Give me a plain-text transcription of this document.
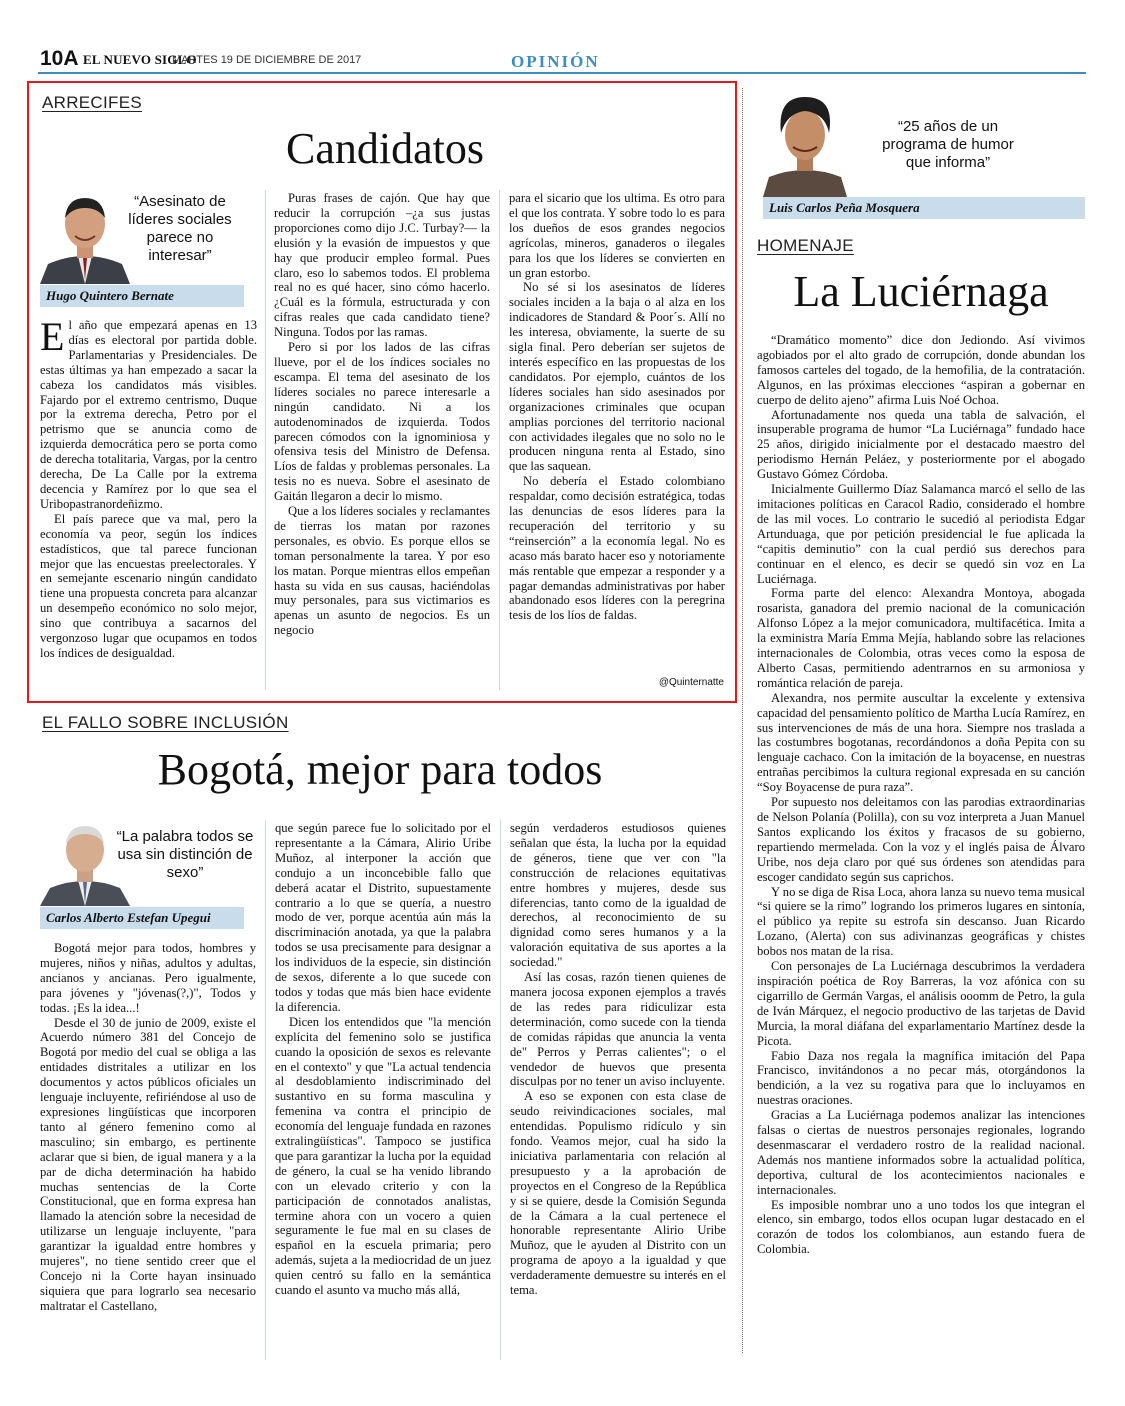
10A EL NUEVO SIGLO
MARTES 19 DE DICIEMBRE DE 2017	OPINIÓN
ARRECIFES
Candidatos
“Asesinato de líderes sociales parece no interesar”
Hugo Quintero Bernate

El año que empezará apenas en 13 días es electoral por partida doble. Parlamentarias y Presidenciales. De estas últimas ya han empezado a sacar la cabeza los candidatos más visibles. Fajardo por el extremo centrismo, Duque por la extrema derecha, Petro por el petrismo que se anuncia como de izquierda democrática pero se porta como de derecha totalitaria, Vargas, por la centro derecha, De La Calle por la extrema decencia y Ramírez por lo que sea el Uribopastranordeñizmo.

El país parece que va mal, pero la economía va peor, según los índices estadísticos, que tal parece funcionan mejor que las encuestas preelectorales. Y en semejante escenario ningún candidato tiene una propuesta concreta para alcanzar un desempeño económico no solo mejor, sino que contribuya a sacarnos del vergonzoso lugar que ocupamos en todos los índices de desigualdad.

Puras frases de cajón. Que hay que reducir la corrupción –¿a sus justas proporciones como dijo J.C. Turbay?— la elusión y la evasión de impuestos y que hay que producir empleo formal. Pues claro, eso lo sabemos todos. El problema real no es qué hacer, sino cómo hacerlo. ¿Cuál es la fórmula, estructurada y con cifras reales que cada candidato tiene? Ninguna. Todos por las ramas.

Pero si por los lados de las cifras llueve, por el de los índices sociales no escampa. El tema del asesinato de los líderes sociales no parece interesarle a ningún candidato. Ni a los autodenominados de izquierda. Todos parecen cómodos con la ignominiosa y ofensiva tesis del Ministro de Defensa. Líos de faldas y problemas personales. La tesis no es nueva. Sobre el asesinato de Gaitán llegaron a decir lo mismo.

Que a los líderes sociales y reclamantes de tierras los matan por razones personales, es obvio. Es porque ellos se toman personalmente la tarea. Y por eso los matan. Porque mientras ellos empeñan hasta su vida en sus causas, haciéndolas muy personales, para sus victimarios es apenas un asunto de negocios. Es un negocio

para el sicario que los ultima. Es otro para el que los contrata. Y sobre todo lo es para los dueños de esos grandes negocios agrícolas, mineros, ganaderos o ilegales para los que los líderes se convierten en un gran estorbo.

No sé si los asesinatos de líderes sociales inciden a la baja o al alza en los indicadores de Standard & Poor´s. Allí no les interesa, obviamente, la suerte de su sigla final. Pero deberían ser sujetos de interés específico en las propuestas de los candidatos. Por ejemplo, cuántos de los líderes sociales han sido asesinados por organizaciones criminales que ocupan amplias porciones del territorio nacional con actividades ilegales que no solo no le producen ninguna renta al Estado, sino que las saquean.

No debería el Estado colombiano respaldar, como decisión estratégica, todas las denuncias de esos líderes para la recuperación del territorio y su “reinserción” a la economía legal. No es acaso más barato hacer eso y notoriamente más rentable que empezar a responder y a pagar demandas administrativas por haber abandonado esos líderes con la peregrina tesis de los líos de faldas.

@Quinternatte
EL FALLO SOBRE INCLUSIÓN
Bogotá, mejor para todos
“La palabra todos se usa sin distinción de sexo”
Carlos Alberto Estefan Upegui

Bogotá mejor para todos, hombres y mujeres, niños y niñas, adultos y adultas, ancianos y ancianas. Pero igualmente, para jóvenes y "jóvenas(?,)", Todos y todas. ¡Es la idea...!

Desde el 30 de junio de 2009, existe el Acuerdo número 381 del Concejo de Bogotá por medio del cual se obliga a las entidades distritales a utilizar en los documentos y actos públicos oficiales un lenguaje incluyente, refiriéndose al uso de expresiones lingüísticas que incorporen tanto al género femenino como al masculino; sin embargo, es pertinente aclarar que si bien, de igual manera y a la par de dicha determinación ha habido muchas sentencias de la Corte Constitucional, que en forma expresa han llamado la atención sobre la necesidad de utilizarse un lenguaje incluyente, "para garantizar la igualdad entre hombres y mujeres", no tiene sentido creer que el Concejo ni la Corte hayan insinuado siquiera que para lograrlo sea necesario maltratar el Castellano,

que según parece fue lo solicitado por el representante a la Cámara, Alirio Uribe Muñoz, al interponer la acción que condujo a un inconcebible fallo que deberá acatar el Distrito, supuestamente contrario a lo que se quería, a nuestro modo de ver, porque acentúa aún más la discriminación anotada, ya que la palabra todos se usa precisamente para designar a los individuos de la especie, sin distinción de sexos, diferente a lo que sucede con todos y todas que más bien hace evidente la diferencia.

Dicen los entendidos que "la mención explícita del femenino solo se justifica cuando la oposición de sexos es relevante en el contexto" y que "La actual tendencia al desdoblamiento indiscriminado del sustantivo en su forma masculina y femenina va contra el principio de economía del lenguaje fundada en razones extralingüísticas". Tampoco se justifica que para garantizar la lucha por la equidad de género, la cual se ha venido librando con un elevado criterio y con la participación de connotados analistas, termine ahora con un vocero a quien seguramente le fue mal en su clases de español en la escuela primaria; pero además, sujeta a la mediocridad de un juez quien centró su fallo en la semántica cuando el asunto va mucho más allá,

según verdaderos estudiosos quienes señalan que ésta, la lucha por la equidad de géneros, tiene que ver con "la construcción de relaciones equitativas entre hombres y mujeres, desde sus diferencias, tanto como de la igualdad de derechos, al reconocimiento de su dignidad como seres humanos y a la valoración equitativa de sus aportes a la sociedad."

Así las cosas, razón tienen quienes de manera jocosa exponen ejemplos a través de las redes para ridiculizar esta determinación, como sucede con la tienda de comidas rápidas que anuncia la venta de" Perros y Perras calientes"; o el vendedor de huevos que presenta disculpas por no tener un aviso incluyente.

A eso se exponen con esta clase de seudo reivindicaciones sociales, mal entendidas. Populismo ridículo y sin fondo. Veamos mejor, cual ha sido la iniciativa parlamentaria con relación al presupuesto y a la aprobación de proyectos en el Congreso de la República y si se quiere, desde la Comisión Segunda de la Cámara a la cual pertenece el honorable representante Alirio Uribe Muñoz, que le ayuden al Distrito con un programa de apoyo a la igualdad y que verdaderamente demuestre su interés en el tema.

“25 años de un programa de humor que informa”
Luis Carlos Peña Mosquera
HOMENAJE
La Luciérnaga

“Dramático momento” dice don Jediondo. Así vivimos agobiados por el alto grado de corrupción, donde abundan los famosos carteles del togado, de la hemofilia, de la contratación. Algunos, en las próximas elecciones “aspiran a gobernar en cuerpo de delito ajeno” afirma Luis Noé Ochoa.

Afortunadamente nos queda una tabla de salvación, el insuperable programa de humor “La Luciérnaga” fundado hace 25 años, dirigido inicialmente por el destacado maestro del periodismo Hernán Peláez, y posteriormente por el abogado Gustavo Gómez Córdoba.

Inicialmente Guillermo Díaz Salamanca marcó el sello de las imitaciones políticas en Caracol Radio, considerado el hombre de las mil voces. Lo contrario le sucedió al periodista Edgar Artunduaga, que por petición presidencial le fue aplicada la “capitis deminutio” con la cual perdió sus derechos para continuar en el elenco, es decir se quedó sin voz en La Luciérnaga.

Forma parte del elenco: Alexandra Montoya, abogada rosarista, ganadora del premio nacional de la comunicación Alfonso López a la mejor comunicadora, multifacética. Imita a la exministra María Emma Mejía, hablando sobre las relaciones internacionales de Colombia, otras veces como la esposa de Alberto Casas, permitiendo adentrarnos en su armoniosa y romántica relación de pareja.

Alexandra, nos permite auscultar la excelente y extensiva capacidad del pensamiento político de Martha Lucía Ramírez, en sus intervenciones de más de una hora. Siempre nos traslada a las costumbres bogotanas, recordándonos a doña Pepita con su lenguaje cachaco. Con la imitación de la boyacense, en nuestras entrañas percibimos la cultura regional expresada en su canción “Soy Boyacense de pura raza”.

Por supuesto nos deleitamos con las parodias extraordinarias de Nelson Polanía (Polilla), con su voz interpreta a Juan Manuel Santos explicando los éxitos y fracasos de su gobierno, repartiendo mermelada. Con la voz y el inglés paisa de Álvaro Uribe, nos deja claro por qué sus órdenes son atendidas para escoger candidato según sus caprichos.

Y no se diga de Risa Loca, ahora lanza su nuevo tema musical “si quiere se la rimo” logrando los primeros lugares en sintonía, el público ya repite su estrofa sin descanso. Juan Ricardo Lozano, (Alerta) con sus adivinanzas geográficas y chistes bobos nos matan de la risa.

Con personajes de La Luciérnaga descubrimos la verdadera inspiración poética de Roy Barreras, la voz afónica con su cigarrillo de Germán Vargas, el análisis ooomm de Petro, la gula de Iván Márquez, el negocio productivo de las tarjetas de David Murcia, la moral diáfana del exparlamentario Martínez desde la Picota.

Fabio Daza nos regala la magnífica imitación del Papa Francisco, invitándonos a no pecar más, otorgándonos la bendición, a la vez su rogativa para que lo incluyamos en nuestras oraciones.

Gracias a La Luciérnaga podemos analizar las intenciones falsas o ciertas de nuestros personajes regionales, logrando desenmascarar el verdadero rostro de la realidad nacional. Además nos mantiene informados sobre la actualidad política, deportiva, cultural de los acontecimientos nacionales e internacionales.

Es imposible nombrar uno a uno todos los que integran el elenco, sin embargo, todos ellos ocupan lugar destacado en el corazón de todos los colombianos, aun estando fuera de Colombia.
